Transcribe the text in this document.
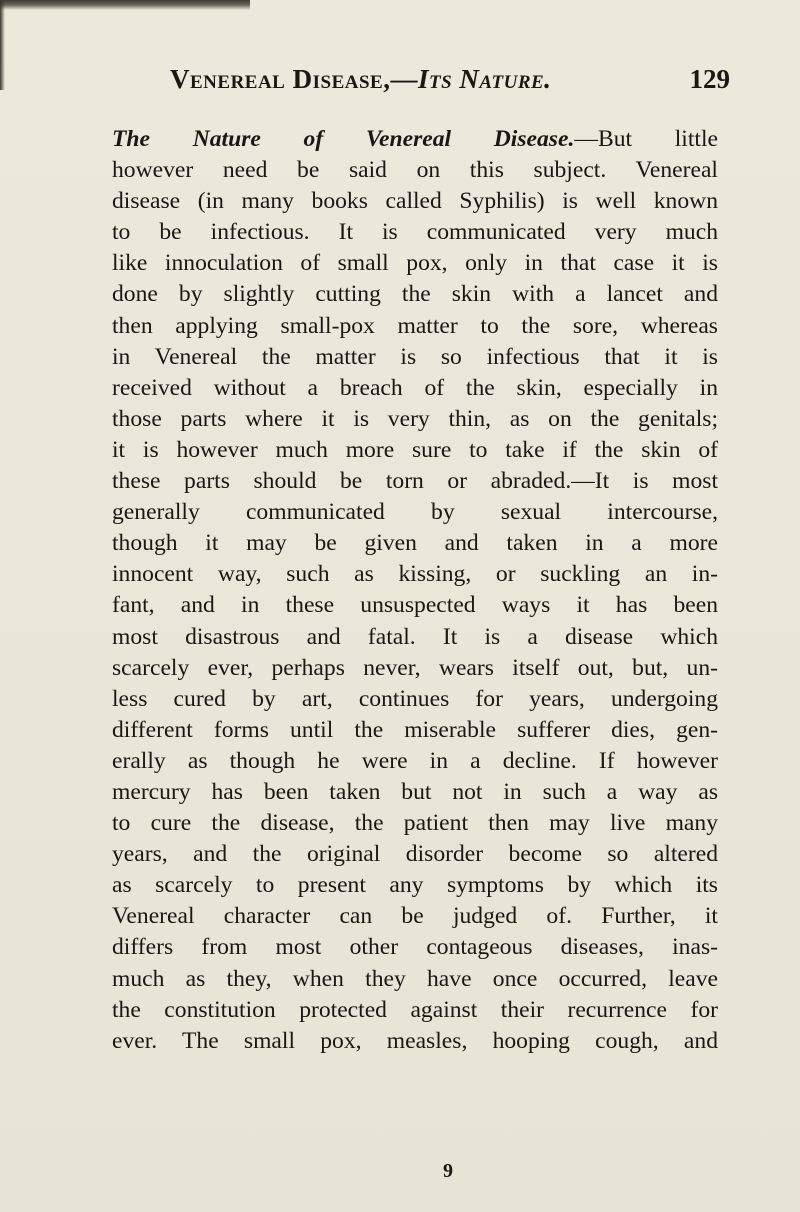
Venereal Disease,—Its Nature.	129
The Nature of Venereal Disease.—But little
however need be said on this subject. Venereal
disease (in many books called Syphilis) is well known
to be infectious. It is communicated very much
like innoculation of small pox, only in that case it is
done by slightly cutting the skin with a lancet and
then applying small-pox matter to the sore, whereas
in Venereal the matter is so infectious that it is
received without a breach of the skin, especially in
those parts where it is very thin, as on the genitals;
it is however much more sure to take if the skin of
these parts should be torn or abraded.—It is most
generally communicated by sexual intercourse,
though it may be given and taken in a more
innocent way, such as kissing, or suckling an in-
fant, and in these unsuspected ways it has been
most disastrous and fatal. It is a disease which
scarcely ever, perhaps never, wears itself out, but, un-
less cured by art, continues for years, undergoing
different forms until the miserable sufferer dies, gen-
erally as though he were in a decline. If however
mercury has been taken but not in such a way as
to cure the disease, the patient then may live many
years, and the original disorder become so altered
as scarcely to present any symptoms by which its
Venereal character can be judged of. Further, it
differs from most other contageous diseases, inas-
much as they, when they have once occurred, leave
the constitution protected against their recurrence for
ever. The small pox, measles, hooping cough, and
9
